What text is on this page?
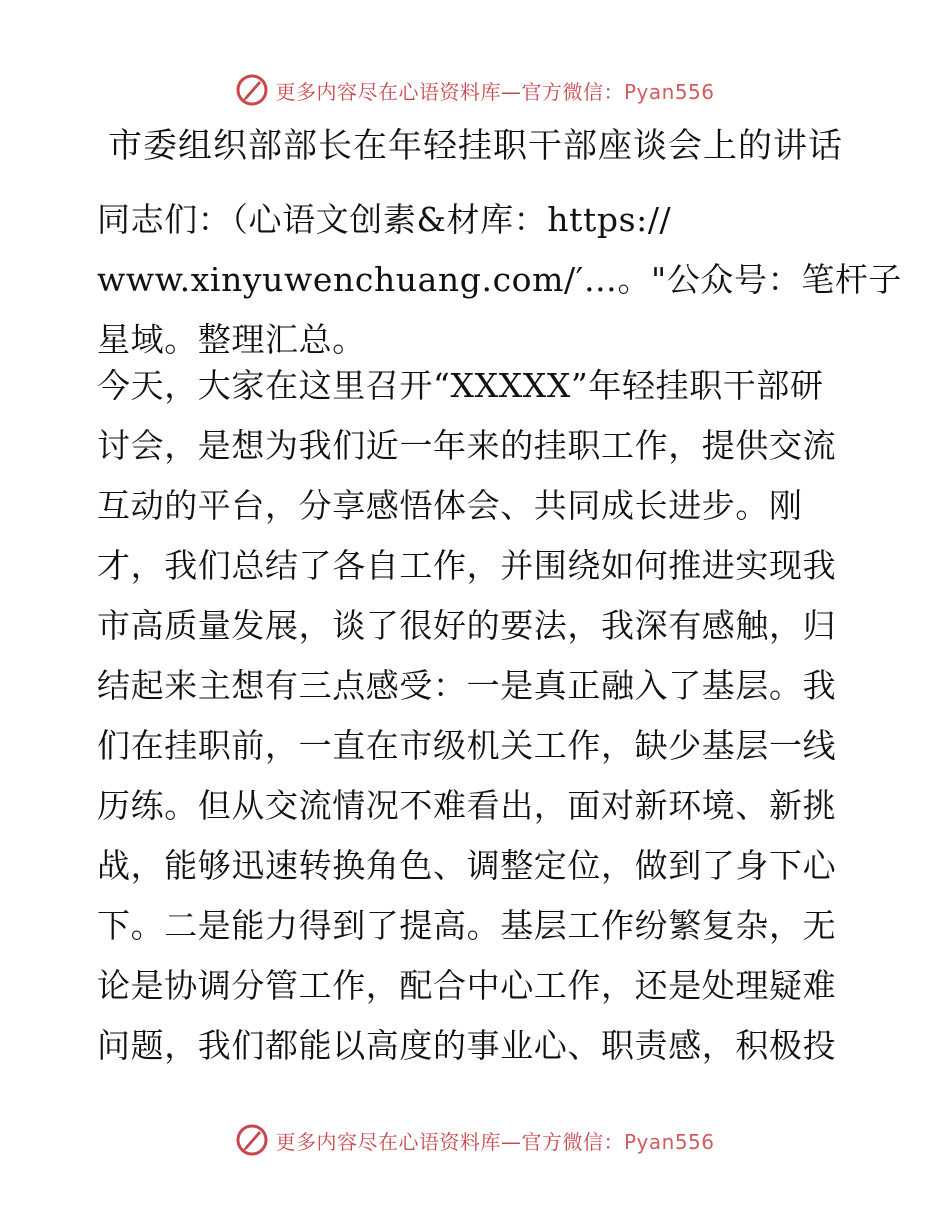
更多内容尽在心语资料库—官方微信：Pyan556
市委组织部部长在年轻挂职干部座谈会上的讲话
同志们：（心语文创素&材库：https://
www.xinyuwenchuang.com/′…。"公众号：笔杆子
星域。整理汇总。
今天，大家在这里召开“XXXXX”年轻挂职干部研
讨会，是想为我们近一年来的挂职工作，提供交流
互动的平台，分享感悟体会、共同成长进步。刚
才，我们总结了各自工作，并围绕如何推进实现我
市高质量发展，谈了很好的要法，我深有感触，归
结起来主想有三点感受：一是真正融入了基层。我
们在挂职前，一直在市级机关工作，缺少基层一线
历练。但从交流情况不难看出，面对新环境、新挑
战，能够迅速转换角色、调整定位，做到了身下心
下。二是能力得到了提高。基层工作纷繁复杂，无
论是协调分管工作，配合中心工作，还是处理疑难
问题，我们都能以高度的事业心、职责感，积极投
更多内容尽在心语资料库—官方微信：Pyan556
